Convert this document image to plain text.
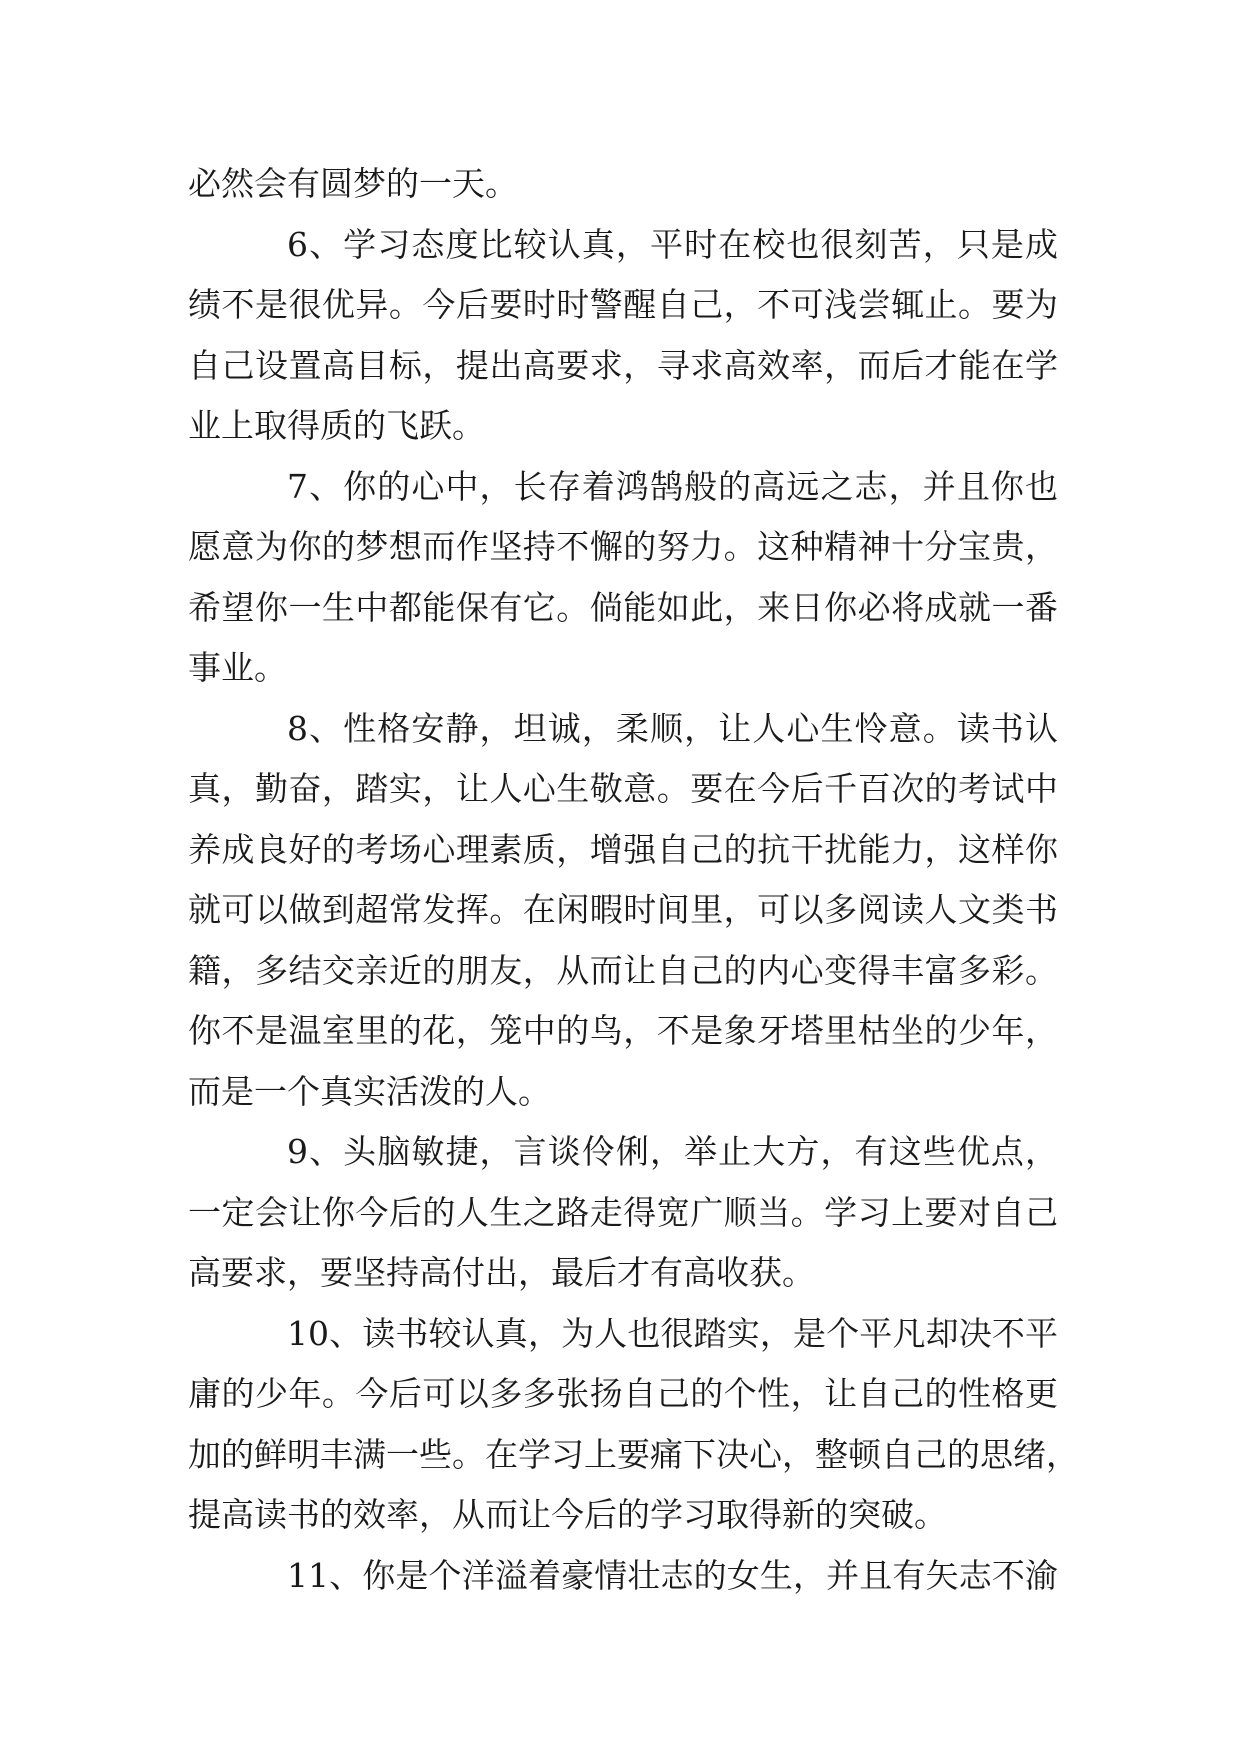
必然会有圆梦的一天。
6、学习态度比较认真，平时在校也很刻苦，只是成
绩不是很优异。今后要时时警醒自己，不可浅尝辄止。要为
自己设置高目标，提出高要求，寻求高效率，而后才能在学
业上取得质的飞跃。
7、你的心中，长存着鸿鹄般的高远之志，并且你也
愿意为你的梦想而作坚持不懈的努力。这种精神十分宝贵，
希望你一生中都能保有它。倘能如此，来日你必将成就一番
事业。
8、性格安静，坦诚，柔顺，让人心生怜意。读书认
真，勤奋，踏实，让人心生敬意。要在今后千百次的考试中
养成良好的考场心理素质，增强自己的抗干扰能力，这样你
就可以做到超常发挥。在闲暇时间里，可以多阅读人文类书
籍，多结交亲近的朋友，从而让自己的内心变得丰富多彩。
你不是温室里的花，笼中的鸟，不是象牙塔里枯坐的少年，
而是一个真实活泼的人。
9、头脑敏捷，言谈伶俐，举止大方，有这些优点，
一定会让你今后的人生之路走得宽广顺当。学习上要对自己
高要求，要坚持高付出，最后才有高收获。
10、读书较认真，为人也很踏实，是个平凡却决不平
庸的少年。今后可以多多张扬自己的个性，让自己的性格更
加的鲜明丰满一些。在学习上要痛下决心，整顿自己的思绪，
提高读书的效率，从而让今后的学习取得新的突破。
11、你是个洋溢着豪情壮志的女生，并且有矢志不渝
